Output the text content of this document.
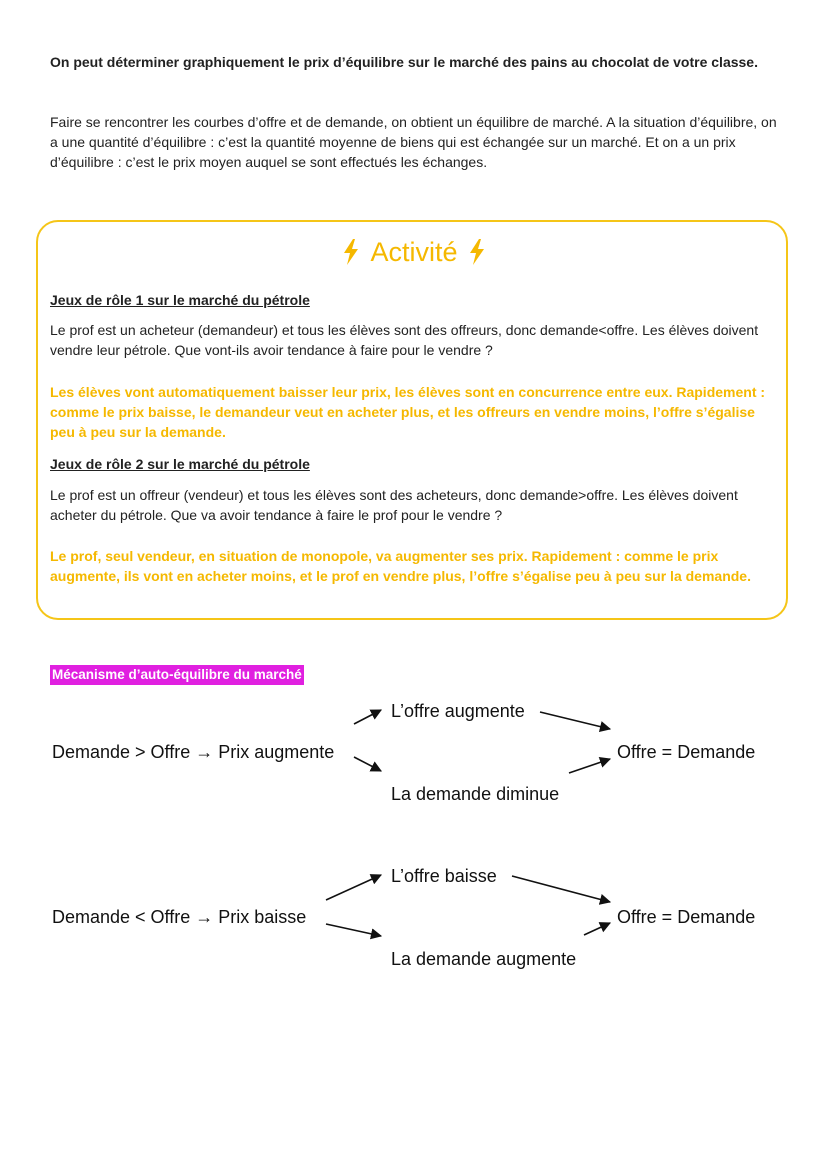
On peut déterminer graphiquement le prix d’équilibre sur le marché des pains au chocolat de votre classe.

Faire se rencontrer les courbes d’offre et de demande, on obtient un équilibre de marché. A la situation d’équilibre, on a une quantité d’équilibre : c’est la quantité moyenne de biens qui est échangée sur un marché. Et on a un prix d’équilibre : c’est le prix moyen auquel se sont effectués les échanges.

Activité

Jeux de rôle 1 sur le marché du pétrole

Le prof est un acheteur (demandeur) et tous les élèves sont des offreurs, donc demande<offre. Les élèves doivent vendre leur pétrole. Que vont-ils avoir tendance à faire pour le vendre ?

Les élèves vont automatiquement baisser leur prix, les élèves sont en concurrence entre eux. Rapidement : comme le prix baisse, le demandeur veut en acheter plus, et les offreurs en vendre moins, l’offre s’égalise peu à peu sur la demande.

Jeux de rôle 2 sur le marché du pétrole

Le prof est un offreur (vendeur) et tous les élèves sont des acheteurs, donc demande>offre. Les élèves doivent acheter du pétrole. Que va avoir tendance à faire le prof pour le vendre ?

Le prof, seul vendeur, en situation de monopole, va augmenter ses prix. Rapidement : comme le prix augmente, ils vont en acheter moins, et le prof en vendre plus, l’offre s’égalise peu à peu sur la demande.

Mécanisme d’auto-équilibre du marché
Demande > Offre → Prix augmente
L’offre augmente
La demande diminue
Offre = Demande
Demande < Offre → Prix baisse
L’offre baisse
La demande augmente
Offre = Demande
